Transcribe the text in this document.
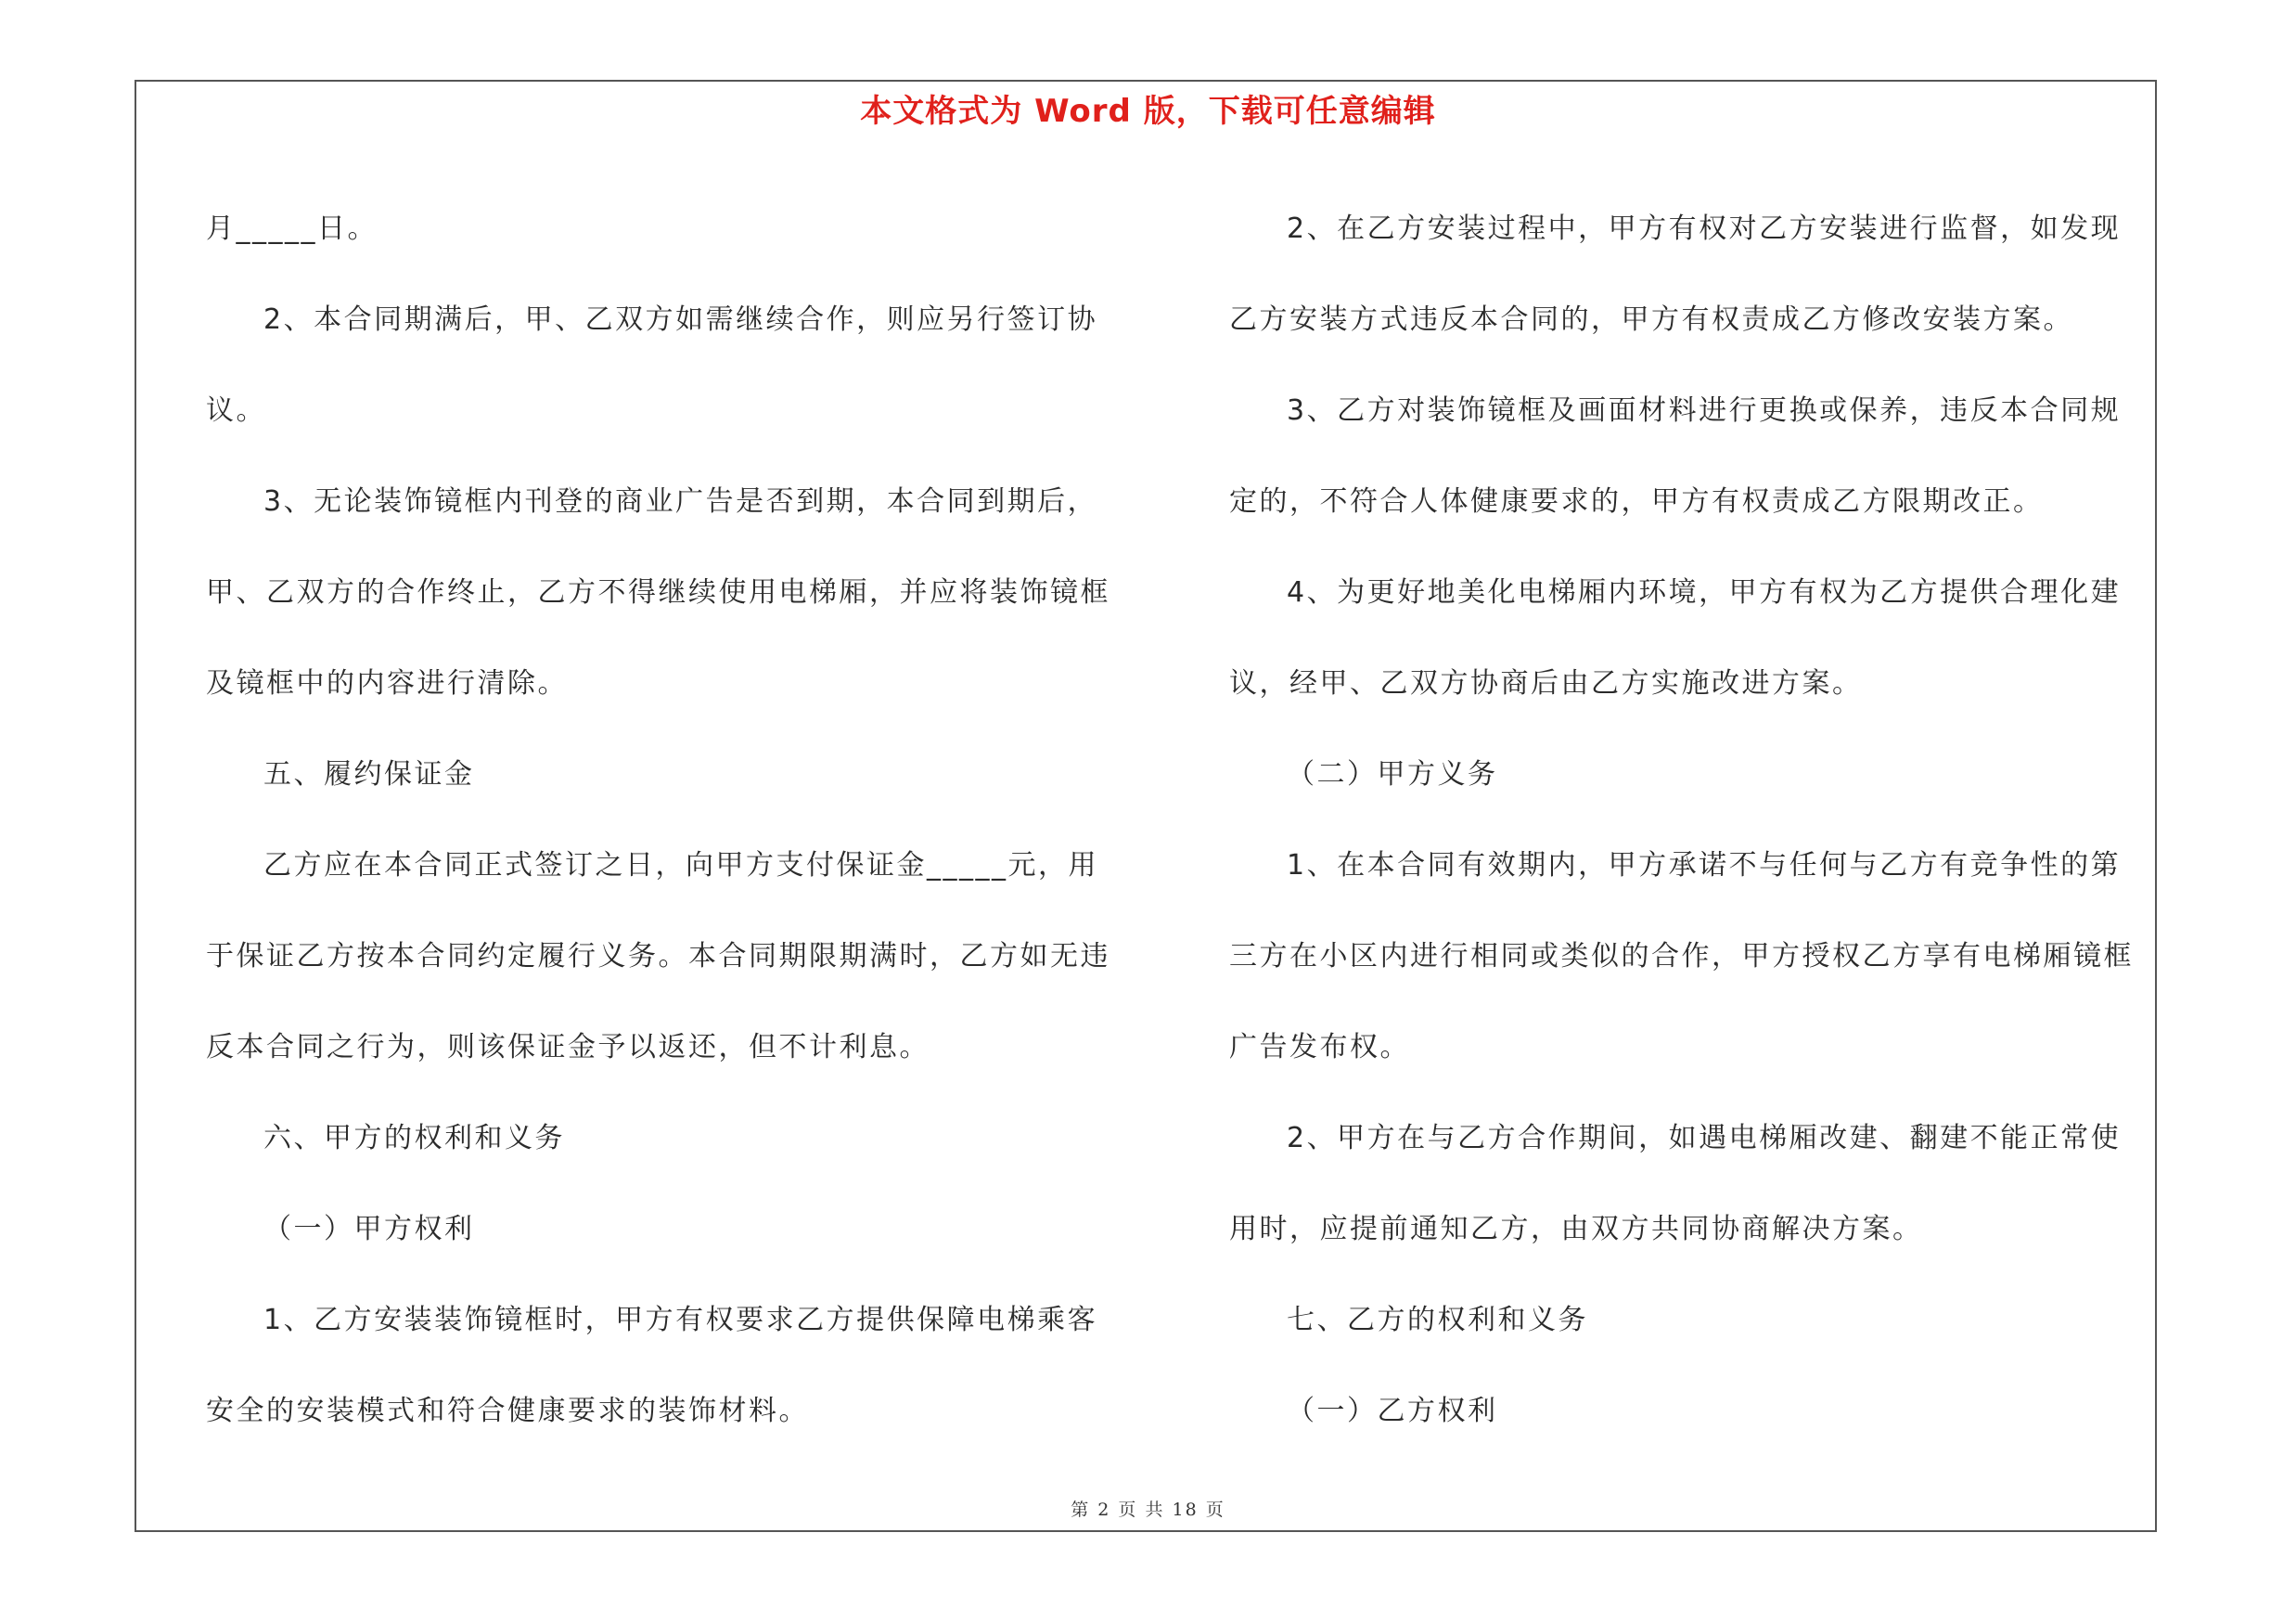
本文格式为 Word 版，下载可任意编辑

月_____日。

2、本合同期满后，甲、乙双方如需继续合作，则应另行签订协

议。

3、无论装饰镜框内刊登的商业广告是否到期，本合同到期后，

甲、乙双方的合作终止，乙方不得继续使用电梯厢，并应将装饰镜框

及镜框中的内容进行清除。

五、履约保证金

乙方应在本合同正式签订之日，向甲方支付保证金_____元，用

于保证乙方按本合同约定履行义务。本合同期限期满时，乙方如无违

反本合同之行为，则该保证金予以返还，但不计利息。

六、甲方的权利和义务

（一）甲方权利

1、乙方安装装饰镜框时，甲方有权要求乙方提供保障电梯乘客

安全的安装模式和符合健康要求的装饰材料。

2、在乙方安装过程中，甲方有权对乙方安装进行监督，如发现

乙方安装方式违反本合同的，甲方有权责成乙方修改安装方案。

3、乙方对装饰镜框及画面材料进行更换或保养，违反本合同规

定的，不符合人体健康要求的，甲方有权责成乙方限期改正。

4、为更好地美化电梯厢内环境，甲方有权为乙方提供合理化建

议，经甲、乙双方协商后由乙方实施改进方案。

（二）甲方义务

1、在本合同有效期内，甲方承诺不与任何与乙方有竞争性的第

三方在小区内进行相同或类似的合作，甲方授权乙方享有电梯厢镜框

广告发布权。

2、甲方在与乙方合作期间，如遇电梯厢改建、翻建不能正常使

用时，应提前通知乙方，由双方共同协商解决方案。

七、乙方的权利和义务

（一）乙方权利

第 2 页 共 18 页
